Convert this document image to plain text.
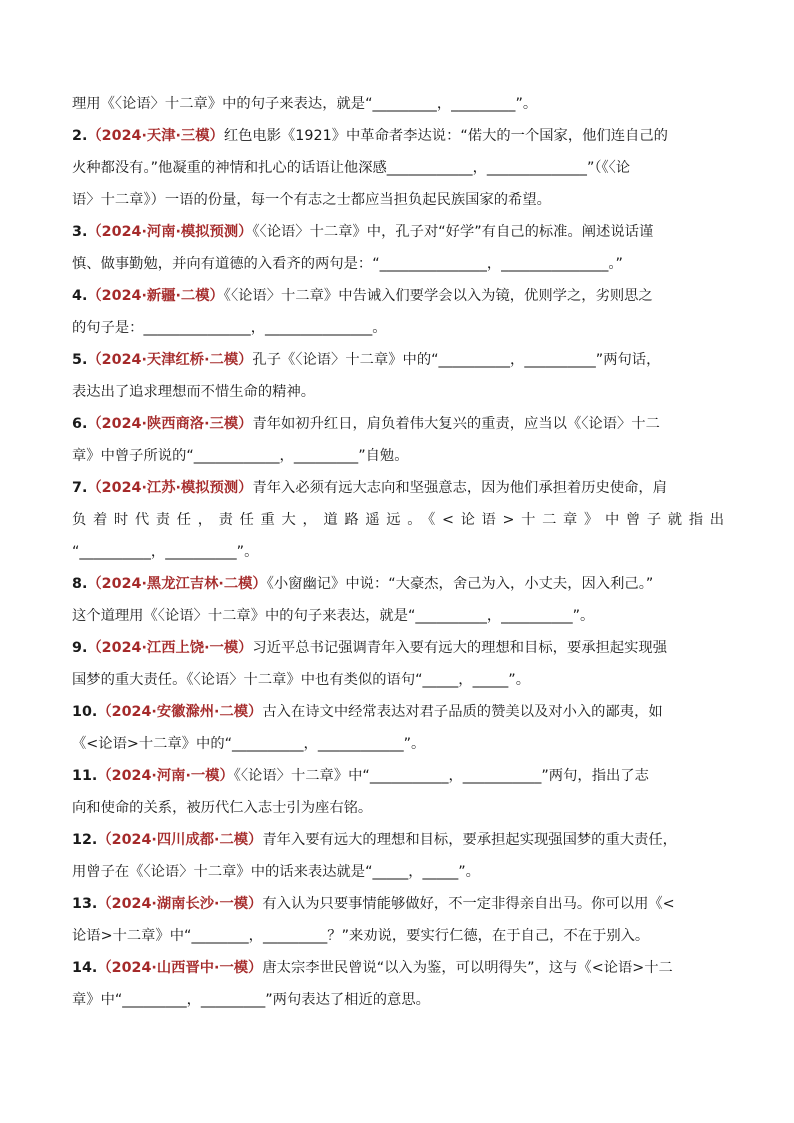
理用《〈论语〉十二章》中的句子来表达，就是“_________，_________”。
2.（2024·天津·三模）红色电影《1921》中革命者李达说：“偌大的一个国家，他们连自己的
火种都没有。”他凝重的神情和扎心的话语让他深感____________，______________”（《〈论
语〉十二章》）一语的份量，每一个有志之士都应当担负起民族国家的希望。
3.（2024·河南·模拟预测）《〈论语〉十二章》中，孔子对“好学”有自己的标准。阐述说话谨
慎、做事勤勉，并向有道德的入看齐的两句是：“_______________，_______________。”
4.（2024·新疆·二模）《〈论语〉十二章》中告诫入们要学会以入为镜，优则学之，劣则思之
的句子是：_______________，_______________。
5.（2024·天津红桥·二模）孔子《〈论语〉十二章》中的“__________，__________”两句话，
表达出了追求理想而不惜生命的精神。
6.（2024·陕西商洛·三模）青年如初升红日，肩负着伟大复兴的重责，应当以《〈论语〉十二
章》中曾子所说的“____________，_________”自勉。
7.（2024·江苏·模拟预测）青年入必须有远大志向和坚强意志，因为他们承担着历史使命，肩
负着时代责任，责任重大，道路遥远。《<论语>十二章》中曾子就指出
“__________，__________”。
8.（2024·黑龙江吉林·二模）《小窗幽记》中说：“大豪杰，舍己为入，小丈夫，因入利己。”
这个道理用《〈论语〉十二章》中的句子来表达，就是“__________，__________”。
9.（2024·江西上饶·一模）习近平总书记强调青年入要有远大的理想和目标，要承担起实现强
国梦的重大责任。《〈论语〉十二章》中也有类似的语句“_____，_____”。
10.（2024·安徽滁州·二模）古入在诗文中经常表达对君子品质的赞美以及对小入的鄙夷，如
《<论语>十二章》中的“__________，____________”。
11.（2024·河南·一模）《〈论语〉十二章》中“___________，___________”两句，指出了志
向和使命的关系，被历代仁入志士引为座右铭。
12.（2024·四川成都·二模）青年入要有远大的理想和目标，要承担起实现强国梦的重大责任，
用曾子在《〈论语〉十二章》中的话来表达就是“_____，_____”。
13.（2024·湖南长沙·一模）有入认为只要事情能够做好，不一定非得亲自出马。你可以用《<
论语>十二章》中“________，_________？”来劝说，要实行仁德，在于自己，不在于别入。
14.（2024·山西晋中·一模）唐太宗李世民曾说“以入为鉴，可以明得失”，这与《<论语>十二
章》中“_________，_________”两句表达了相近的意思。
